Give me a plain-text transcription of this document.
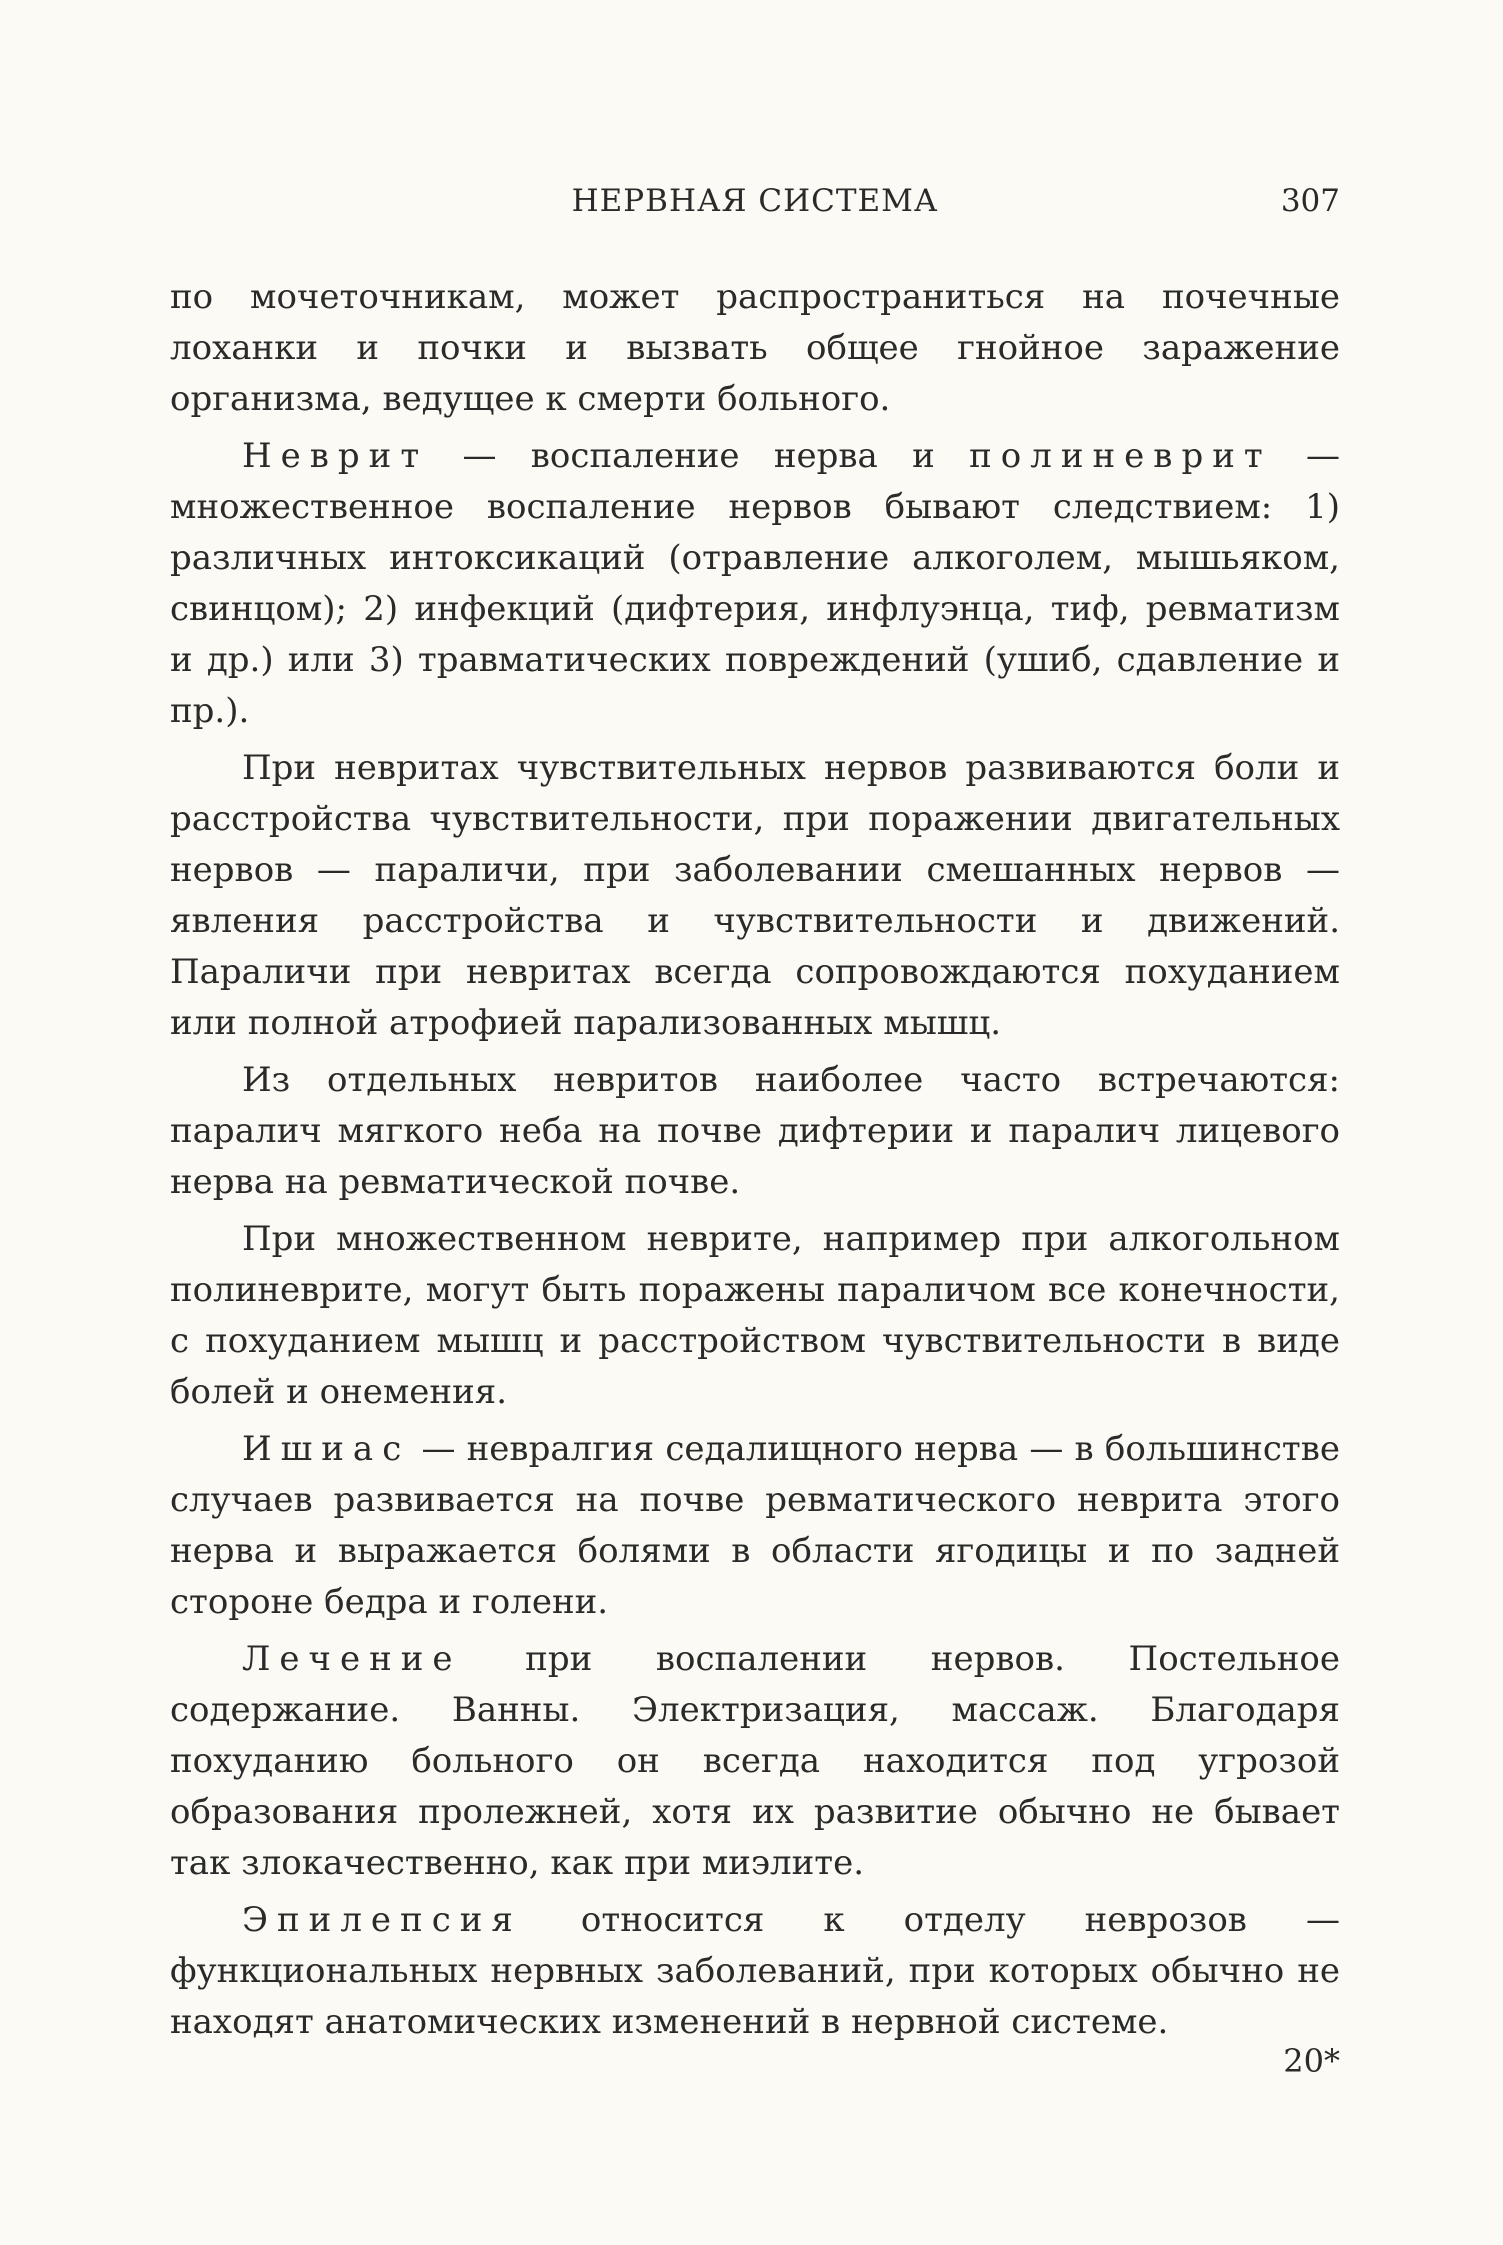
НЕРВНАЯ СИСТЕМА	307

по мочеточникам, может распространиться на почечные лоханки и почки и вызвать общее гнойное заражение организма, ведущее к смерти больного.

Неврит — воспаление нерва и полиневрит — множественное воспаление нервов бывают следствием: 1) различных интоксикаций (отравление алкоголем, мышьяком, свинцом); 2) инфекций (дифтерия, инфлуэнца, тиф, ревматизм и др.) или 3) травматических повреждений (ушиб, сдавление и пр.).

При невритах чувствительных нервов развиваются боли и расстройства чувствительности, при поражении двигательных нервов — параличи, при заболевании смешанных нервов — явления расстройства и чувствительности и движений. Параличи при невритах всегда сопровождаются похуданием или полной атрофией парализованных мышц.

Из отдельных невритов наиболее часто встречаются: паралич мягкого неба на почве дифтерии и паралич лицевого нерва на ревматической почве.

При множественном неврите, например при алкогольном полиневрите, могут быть поражены параличом все конечности, с похуданием мышц и расстройством чувствительности в виде болей и онемения.

Ишиас — невралгия седалищного нерва — в большинстве случаев развивается на почве ревматического неврита этого нерва и выражается болями в области ягодицы и по задней стороне бедра и голени.

Лечение при воспалении нервов. Постельное содержание. Ванны. Электризация, массаж. Благодаря похуданию больного он всегда находится под угрозой образования пролежней, хотя их развитие обычно не бывает так злокачественно, как при миэлите.

Эпилепсия относится к отделу неврозов — функциональных нервных заболеваний, при которых обычно не находят анатомических изменений в нервной системе.

20*
